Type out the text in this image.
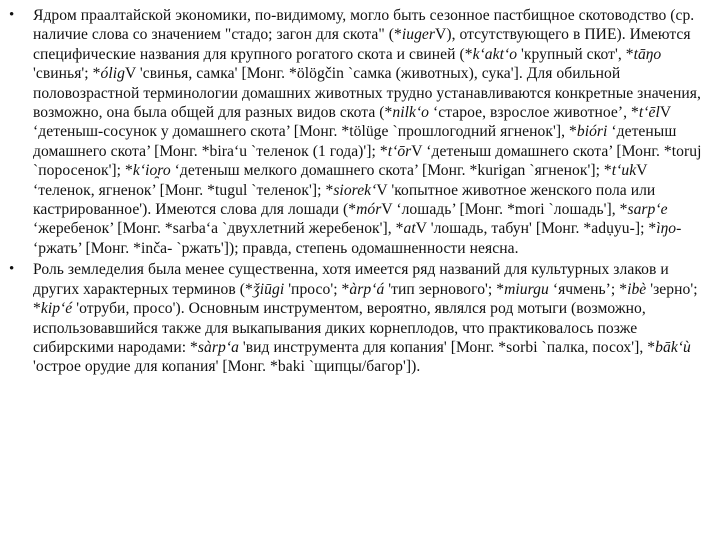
• Ядром праалтайской экономики, по-видимому, могло быть сезонное пастбищное скотоводство (ср. наличие слова со значением "стадо; загон для скота" (*iugerV), отсутствующего в ПИЕ). Имеются специфические названия для крупного рогатого скота и свиней (*k‘akt‘o 'крупный скот', *tāŋo 'свинья'; *óligV 'свинья, самка' [Монг. *ölögčin `самка (животных), сука']. Для обильной половозрастной терминологии домашних животных трудно устанавливаются конкретные значения, возможно, она была общей для разных видов скота (*nilk‘o ‘старое, взрослое животное’, *t‘ēlV ‘детеныш-сосунок у домашнего скота’ [Монг. *tölüge `прошлогодний ягненок'], *bióri ‘детеныш домашнего скота’ [Монг. *bira‘u `теленок (1 года)']; *t‘ōrV ‘детеныш домашнего скота’ [Монг. *toruj `поросенок']; *k‘io̯ro ‘детеныш мелкого домашнего скота’ [Монг. *kurigan `ягненок']; *t‘ukV ‘теленок, ягненок’ [Монг. *tugul `теленок']; *siorek‘V 'копытное животное женского пола или кастрированное'). Имеются слова для лошади (*mórV ‘лошадь’ [Монг. *mori `лошадь'], *sarp‘e ‘жеребенок’ [Монг. *sarba‘a `двухлетний жеребенок'], *atV 'лошадь, табун' [Монг. *adụyu-]; *ìŋo- ‘ржать’ [Монг. *inča- `ржать']); правда, степень одомашненности неясна.
• Роль земледелия была менее существенна, хотя имеется ряд названий для культурных злаков и других характерных терминов (*ǯiūgi 'просо'; *àrp‘á 'тип зернового'; *miurgu ‘ячмень’; *ibè 'зерно'; *kip‘é 'отруби, просо'). Основным инструментом, вероятно, являлся род мотыги (возможно, использовавшийся также для выкапывания диких корнеплодов, что практиковалось позже сибирскими народами: *sàrp‘a 'вид инструмента для копания' [Монг. *sorbi `палка, посох'], *bāk‘ù 'острое орудие для копания' [Монг. *baki `щипцы/багор']).
